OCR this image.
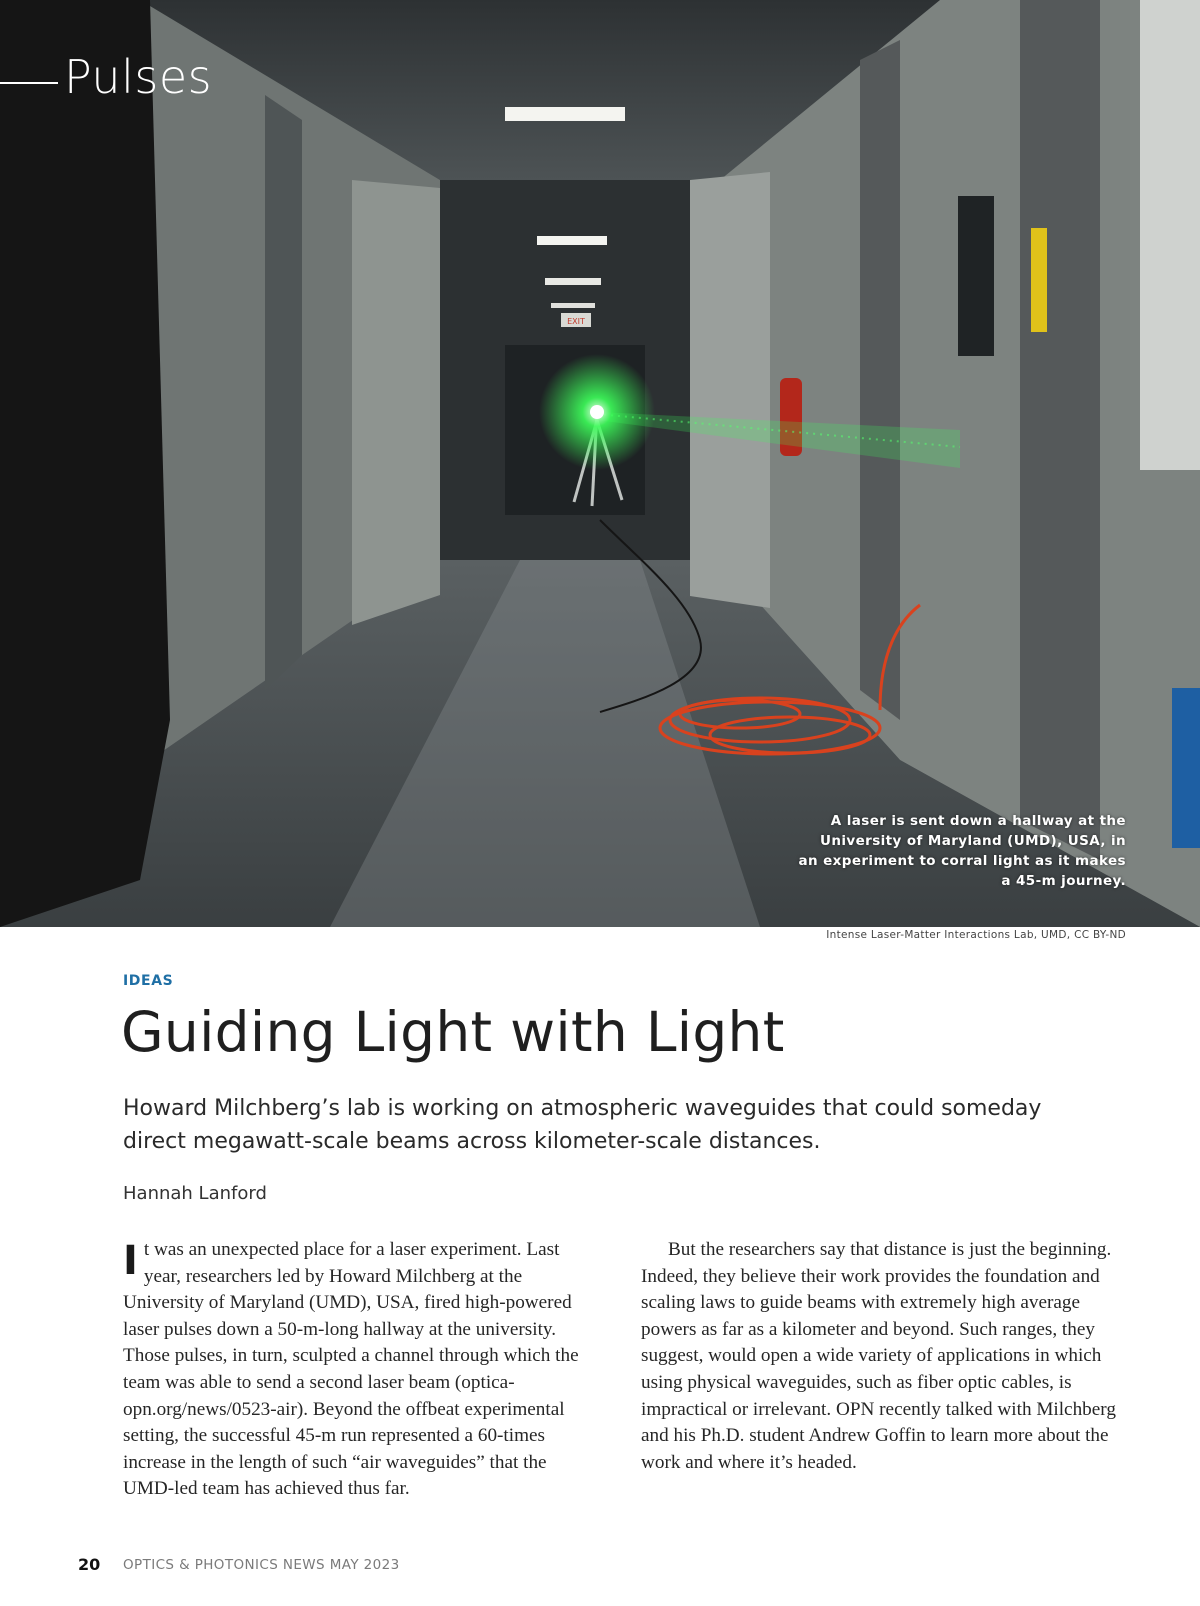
EXIT
Pulses
A laser is sent down a hallway at the University of Maryland (UMD), USA, in an experiment to corral light as it makes a 45-m journey.
Intense Laser-Matter Interactions Lab, UMD, CC BY-ND
IDEAS
Guiding Light with Light

Howard Milchberg’s lab is working on atmospheric waveguides that could someday direct megawatt-scale beams across kilometer-scale distances.

Hannah Lanford

It was an unexpected place for a laser experiment. Last year, researchers led by Howard Milchberg at the University of Maryland (UMD), USA, fired high-powered laser pulses down a 50-m-long hallway at the university. Those pulses, in turn, sculpted a channel through which the team was able to send a second laser beam (optica-opn.org/news/0523-air). Beyond the offbeat experimental setting, the successful 45-m run represented a 60-times increase in the length of such “air waveguides” that the UMD-led team has achieved thus far.

But the researchers say that distance is just the beginning. Indeed, they believe their work provides the foundation and scaling laws to guide beams with extremely high average powers as far as a kilometer and beyond. Such ranges, they suggest, would open a wide variety of applications in which using physical waveguides, such as fiber optic cables, is impractical or irrelevant. OPN recently talked with Milchberg and his Ph.D. student Andrew Goffin to learn more about the work and where it’s headed.

20 OPTICS & PHOTONICS NEWS MAY 2023
